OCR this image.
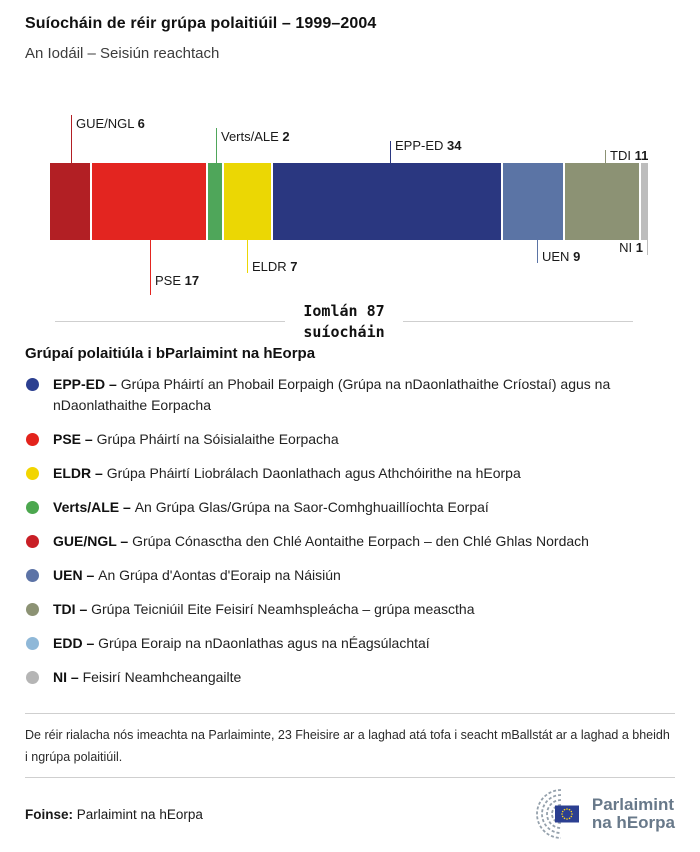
Suíocháin de réir grúpa polaitiúil – 1999–2004
An Iodáil – Seisiún reachtach
GUE/NGL 6
PSE 17
Verts/ALE 2
ELDR 7
EPP-ED 34
UEN 9
TDI 11
NI 1
Iomlán 87
suíocháin
Grúpaí polaitiúla i bParlaimint na hEorpa
EPP-ED – Grúpa Pháirtí an Phobail Eorpaigh (Grúpa na nDaonlathaithe Críostaí) agus na nDaonlathaithe Eorpacha
PSE – Grúpa Pháirtí na Sóisialaithe Eorpacha
ELDR – Grúpa Pháirtí Liobrálach Daonlathach agus Athchóirithe na hEorpa
Verts/ALE – An Grúpa Glas/Grúpa na Saor-Comhghuaillíochta Eorpaí
GUE/NGL – Grúpa Cónasctha den Chlé Aontaithe Eorpach – den Chlé Ghlas Nordach
UEN – An Grúpa d'Aontas d'Eoraip na Náisiún
TDI – Grúpa Teicniúil Eite Feisirí Neamhspleácha – grúpa measctha
EDD – Grúpa Eoraip na nDaonlathas agus na nÉagsúlachtaí
NI – Feisirí Neamhcheangailte
De réir rialacha nós imeachta na Parlaiminte, 23 Fheisire ar a laghad atá tofa i seacht mBallstát ar a laghad a bheidh i ngrúpa polaitiúil.
Foinse: Parlaimint na hEorpa	Parlaimint
na hEorpa
